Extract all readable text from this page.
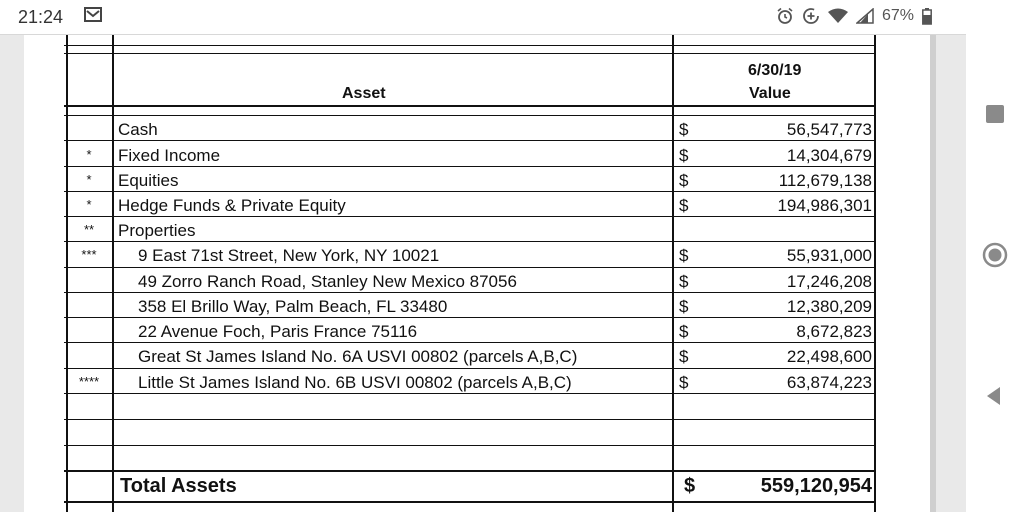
21:24	67%
Asset
6/30/19
Value
Cash	$	56,547,773
*	Fixed Income	$	14,304,679
*	Equities	$	112,679,138
*	Hedge Funds & Private Equity	$	194,986,301
**	Properties
***	9 East 71st Street, New York, NY 10021	$	55,931,000
49 Zorro Ranch Road, Stanley New Mexico 87056	$	17,246,208
358 El Brillo Way, Palm Beach, FL 33480	$	12,380,209
22 Avenue Foch, Paris France 75116	$	8,672,823
Great St James Island No. 6A USVI 00802 (parcels A,B,C)	$	22,498,600
****	Little St James Island No. 6B USVI 00802 (parcels A,B,C)	$	63,874,223
Total Assets	$	559,120,954
